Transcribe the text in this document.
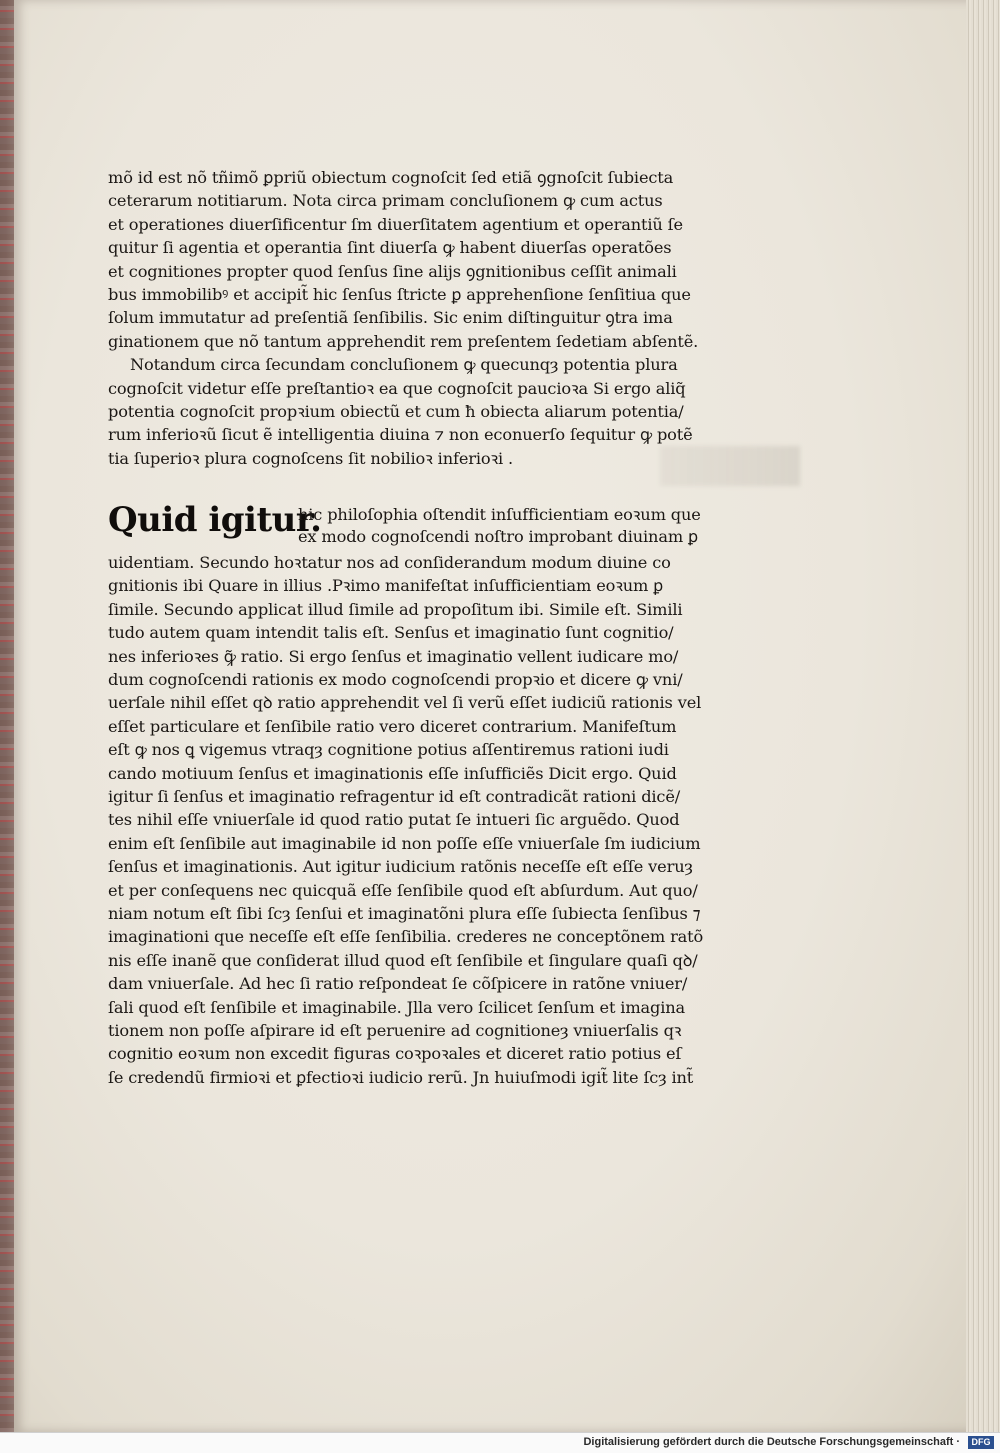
mõ id est nõ tñimõ ꝑpriũ obiectum cognoſcit ſed etiã ꝯgnoſcit ſubiecta
ceterarum notitiarum. Nota circa primam concluſionem ꝙ cum actus
et operationes diuerſificentur ſm diuerſitatem agentium et operantiũ ſe
quitur ſi agentia et operantia ſint diuerſa ꝙ habent diuerſas operatões
et cognitiones propter quod ſenſus ſine alijs ꝯgnitionibus ceſſit animali
bus immobilibꝰ et accipit̃ hic ſenſus ſtricte ꝑ apprehenſione ſenſitiua que
ſolum immutatur ad preſentiã ſenſibilis. Sic enim diſtinguitur ꝯtra ima
ginationem que nõ tantum apprehendit rem preſentem ſedetiam abſentẽ.
Notandum circa ſecundam concluſionem ꝙ quecunqȝ potentia plura
cognoſcit videtur eſſe preſtantioꝛ ea que cognoſcit paucioꝛa Si ergo aliq̃
potentia cognoſcit propꝛium obiectũ et cum ħ obiecta aliarum potentia/
rum inferioꝛũ ſicut ẽ intelligentia diuina ⁊ non econuerſo ſequitur ꝙ potẽ
tia ſuperioꝛ plura cognoſcens ſit nobilioꝛ inferioꝛi .
Quid igitur.
hic philoſophia oſtendit inſufficientiam eoꝛum que
ex modo cognoſcendi noſtro improbant diuinam ꝑ
uidentiam. Secundo hoꝛtatur nos ad conſiderandum modum diuine co
gnitionis ibi Quare in illius .Pꝛimo manifeſtat inſufficientiam eoꝛum ꝑ
ſimile. Secundo applicat illud ſimile ad propoſitum ibi. Simile eſt. Simili
tudo autem quam intendit talis eſt. Senſus et imaginatio ſunt cognitio/
nes inferioꝛes ꝙ̃ ratio. Si ergo ſenſus et imaginatio vellent iudicare mo/
dum cognoſcendi rationis ex modo cognoſcendi propꝛio et dicere ꝙ vni/
uerſale nihil eſſet qꝺ ratio apprehendit vel ſi verũ eſſet iudiciũ rationis vel
eſſet particulare et ſenſibile ratio vero diceret contrarium. Manifeſtum
eſt ꝙ nos ꝗ vigemus vtraqȝ cognitione potius aſſentiremus rationi iudi
cando motiuum ſenſus et imaginationis eſſe inſufficiẽs Dicit ergo. Quid
igitur ſi ſenſus et imaginatio refragentur id eſt contradicãt rationi dicẽ/
tes nihil eſſe vniuerſale id quod ratio putat ſe intueri ſic arguẽdo. Quod
enim eſt ſenſibile aut imaginabile id non poſſe eſſe vniuerſale ſm iudicium
ſenſus et imaginationis. Aut igitur iudicium ratõnis neceſſe eſt eſſe veruȝ
et per conſequens nec quicquã eſſe ſenſibile quod eſt abſurdum. Aut quo/
niam notum eſt ſibi ſcȝ ſenſui et imaginatõni plura eſſe ſubiecta ſenſibus ⁊
imaginationi que neceſſe eſt eſſe ſenſibilia. crederes ne conceptõnem ratõ
nis eſſe inanẽ que conſiderat illud quod eſt ſenſibile et ſingulare quaſi qꝺ/
dam vniuerſale. Ad hec ſi ratio reſpondeat ſe cõſpicere in ratõne vniuer/
ſali quod eſt ſenſibile et imaginabile. Jlla vero ſcilicet ſenſum et imagina
tionem non poſſe aſpirare id eſt peruenire ad cognitioneȝ vniuerſalis qꝛ
cognitio eoꝛum non excedit figuras coꝛpoꝛales et diceret ratio potius eſ
ſe credendũ firmioꝛi et ꝑfectioꝛi iudicio rerũ. Jn huiuſmodi igit̃ lite ſcȝ int̃
Digitalisierung gefördert durch die Deutsche Forschungsgemeinschaft ·	DFG
